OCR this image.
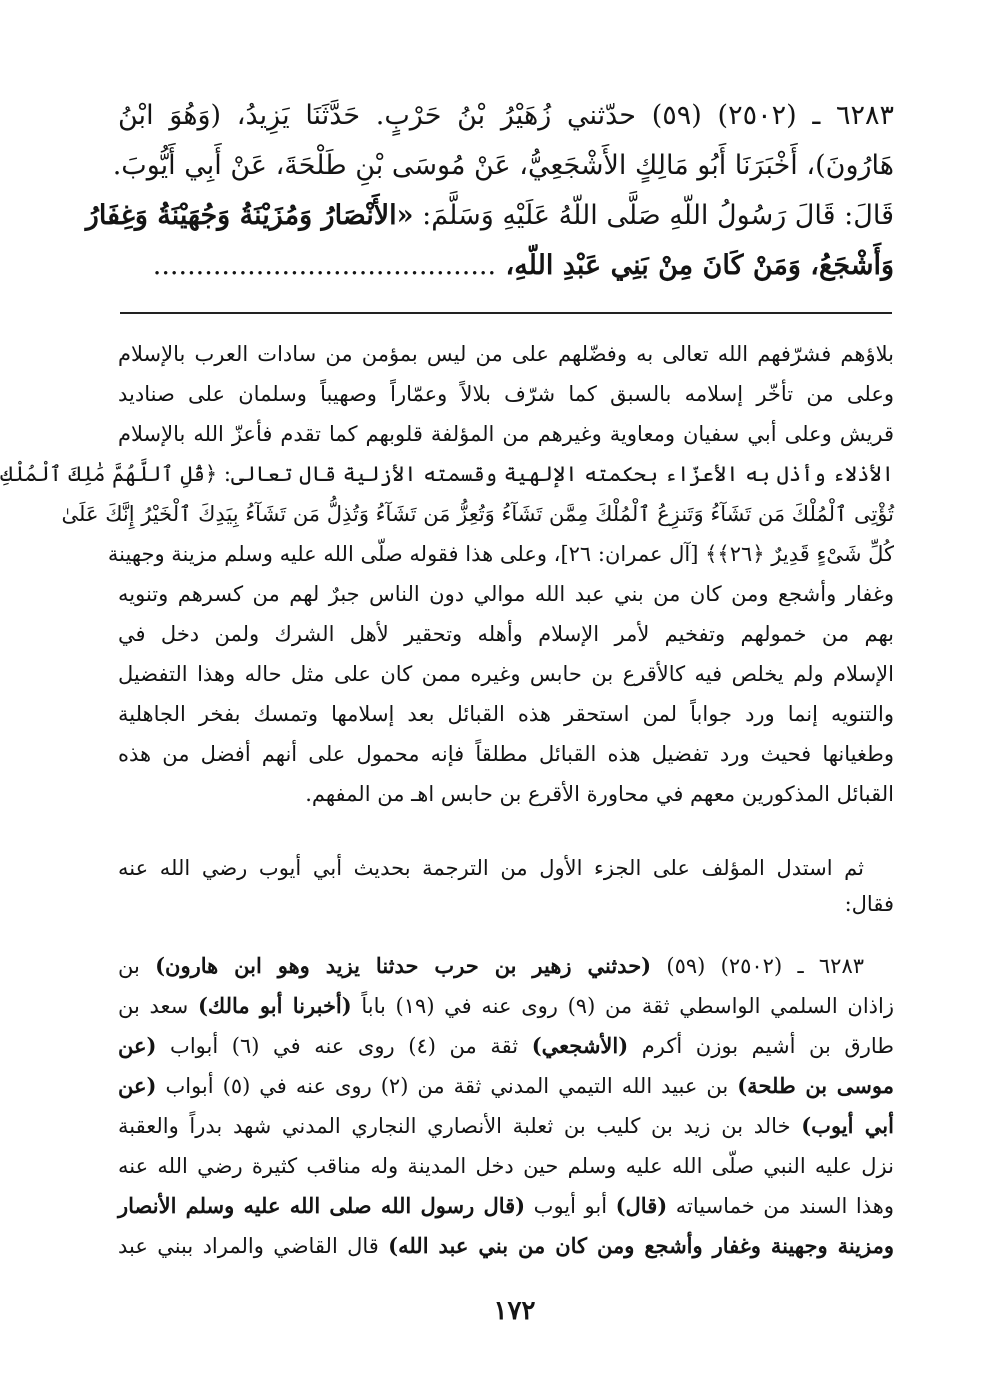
٦٢٨٣ ـ (٢٥٠٢) (٥٩) حدّثني زُهَيْرُ بْنُ حَرْبٍ. حَدَّثَنَا يَزِيدُ، (وَهُوَ ابْنُ
هَارُونَ)، أَخْبَرَنَا أَبُو مَالِكٍ الأَشْجَعِيُّ، عَنْ مُوسَى بْنِ طَلْحَةَ، عَنْ أَبِي أَيُّوبَ.
قَالَ: قَالَ رَسُولُ اللّهِ صَلَّى اللّهُ عَلَيْهِ وَسَلَّمَ: «الأَنْصَارُ وَمُزَيْنَةُ وَجُهَيْنَةُ وَغِفَارُ
وَأَشْجَعُ، وَمَنْ كَانَ مِنْ بَنِي عَبْدِ اللّهِ، ........................................
بلاؤهم فشرّفهم الله تعالى به وفضّلهم على من ليس بمؤمن من سادات العرب بالإسلام
وعلى من تأخّر إسلامه بالسبق كما شرّف بلالاً وعمّاراً وصهيباً وسلمان على صناديد
قريش وعلى أبي سفيان ومعاوية وغيرهم من المؤلفة قلوبهم كما تقدم فأعزّ الله بالإسلام
الأذلاء وأذل به الأعزّاء بحكمته الإلهية وقسمته الأزلية قال تعالى: ﴿قُلِ ٱللَّهُمَّ مَٰلِكَ ٱلْمُلْكِ
تُؤْتِى ٱلْمُلْكَ مَن تَشَآءُ وَتَنزِعُ ٱلْمُلْكَ مِمَّن تَشَآءُ وَتُعِزُّ مَن تَشَآءُ وَتُذِلُّ مَن تَشَآءُ بِيَدِكَ ٱلْخَيْرُ إِنَّكَ عَلَىٰ
كُلِّ شَىْءٍ قَدِيرٌ ﴿٢٦﴾﴾ [آل عمران: ٢٦]، وعلى هذا فقوله صلّى الله عليه وسلم مزينة وجهينة
وغفار وأشجع ومن كان من بني عبد الله موالي دون الناس جبرٌ لهم من كسرهم وتنويه
بهم من خمولهم وتفخيم لأمر الإسلام وأهله وتحقير لأهل الشرك ولمن دخل في
الإسلام ولم يخلص فيه كالأقرع بن حابس وغيره ممن كان على مثل حاله وهذا التفضيل
والتنويه إنما ورد جواباً لمن استحقر هذه القبائل بعد إسلامها وتمسك بفخر الجاهلية
وطغيانها فحيث ورد تفضيل هذه القبائل مطلقاً فإنه محمول على أنهم أفضل من هذه
القبائل المذكورين معهم في محاورة الأقرع بن حابس اهـ من المفهم.
ثم استدل المؤلف على الجزء الأول من الترجمة بحديث أبي أيوب رضي الله عنه
فقال:
٦٢٨٣ ـ (٢٥٠٢) (٥٩) (حدثني زهير بن حرب حدثنا يزيد وهو ابن هارون) بن
زاذان السلمي الواسطي ثقة من (٩) روى عنه في (١٩) باباً (أخبرنا أبو مالك) سعد بن
طارق بن أشيم بوزن أكرم (الأشجعي) ثقة من (٤) روى عنه في (٦) أبواب (عن
موسى بن طلحة) بن عبيد الله التيمي المدني ثقة من (٢) روى عنه في (٥) أبواب (عن
أبي أيوب) خالد بن زيد بن كليب بن ثعلبة الأنصاري النجاري المدني شهد بدراً والعقبة
نزل عليه النبي صلّى الله عليه وسلم حين دخل المدينة وله مناقب كثيرة رضي الله عنه
وهذا السند من خماسياته (قال) أبو أيوب (قال رسول الله صلى الله عليه وسلم الأنصار
ومزينة وجهينة وغفار وأشجع ومن كان من بني عبد الله) قال القاضي والمراد ببني عبد
١٧٢
